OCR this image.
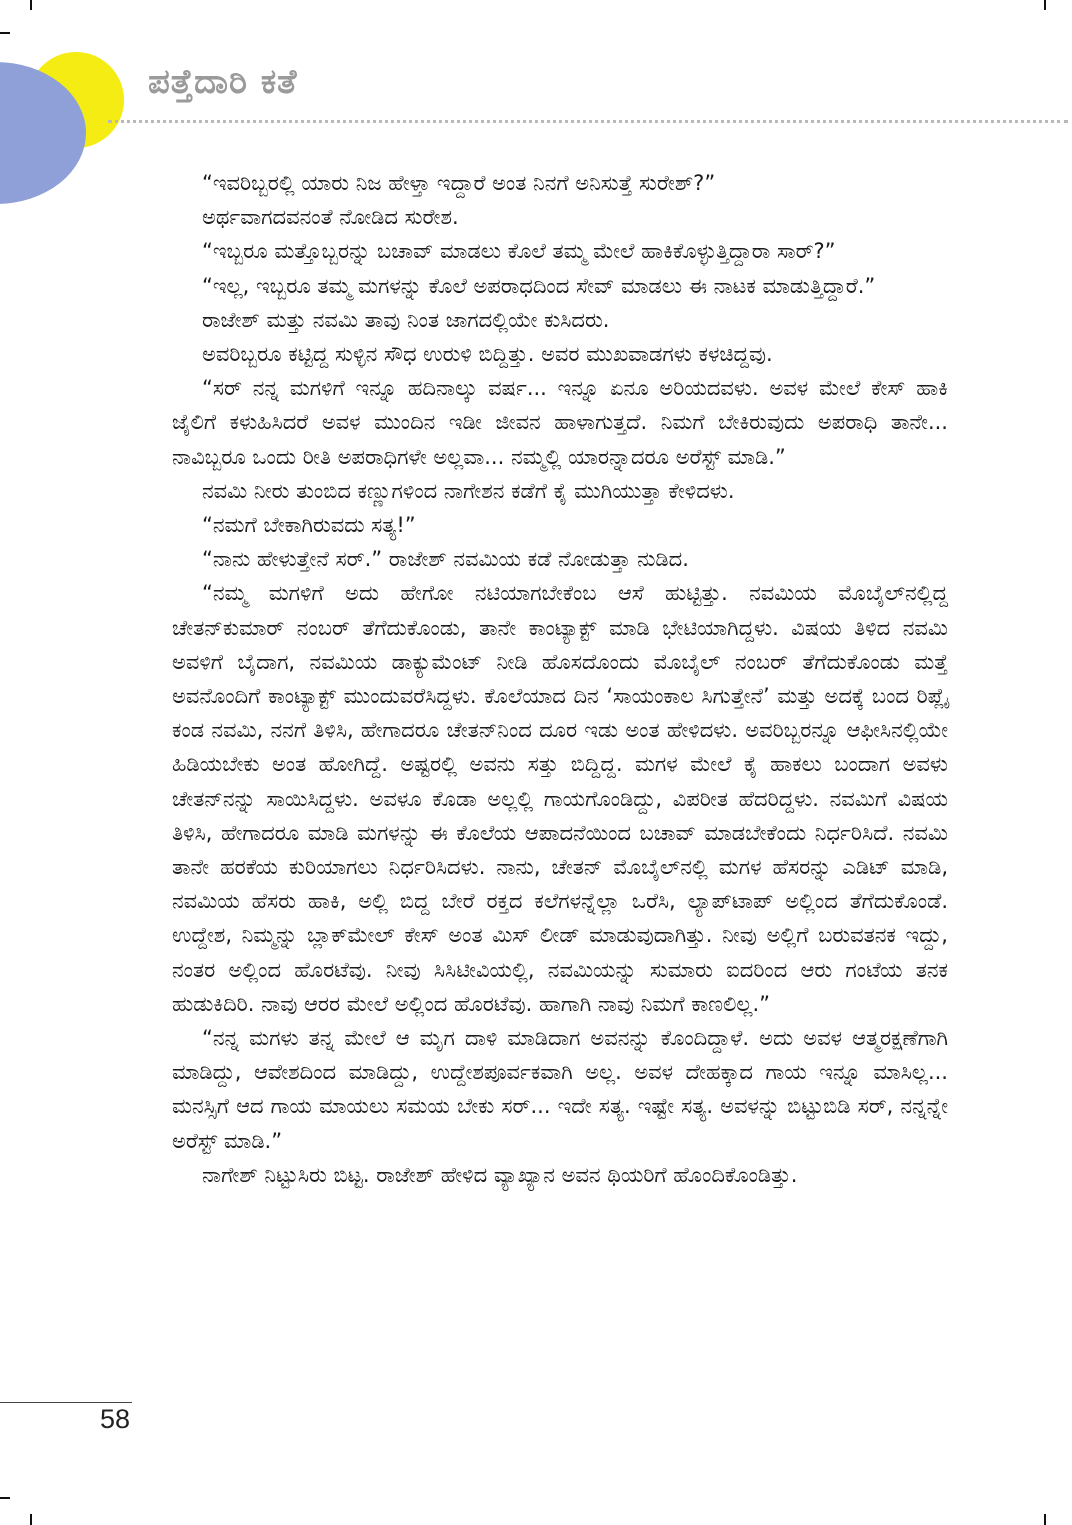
ಪತ್ತೆದಾರಿ ಕತೆ

“ಇವರಿಬ್ಬರಲ್ಲಿ ಯಾರು ನಿಜ ಹೇಳ್ತಾ ಇದ್ದಾರೆ ಅಂತ ನಿನಗೆ ಅನಿಸುತ್ತೆ ಸುರೇಶ್?”

ಅರ್ಥವಾಗದವನಂತೆ ನೋಡಿದ ಸುರೇಶ.

“ಇಬ್ಬರೂ ಮತ್ತೊಬ್ಬರನ್ನು ಬಚಾವ್ ಮಾಡಲು ಕೊಲೆ ತಮ್ಮ ಮೇಲೆ ಹಾಕಿಕೊಳ್ಳುತ್ತಿದ್ದಾರಾ ಸಾರ್?”

“ಇಲ್ಲ, ಇಬ್ಬರೂ ತಮ್ಮ ಮಗಳನ್ನು ಕೊಲೆ ಅಪರಾಧದಿಂದ ಸೇವ್ ಮಾಡಲು ಈ ನಾಟಕ ಮಾಡುತ್ತಿದ್ದಾರೆ.”

ರಾಜೇಶ್ ಮತ್ತು ನವಮಿ ತಾವು ನಿಂತ ಜಾಗದಲ್ಲಿಯೇ ಕುಸಿದರು.

ಅವರಿಬ್ಬರೂ ಕಟ್ಟಿದ್ದ ಸುಳ್ಳಿನ ಸೌಧ ಉರುಳಿ ಬಿದ್ದಿತ್ತು. ಅವರ ಮುಖವಾಡಗಳು ಕಳಚಿದ್ದವು.

“ಸರ್ ನನ್ನ ಮಗಳಿಗೆ ಇನ್ನೂ ಹದಿನಾಲ್ಕು ವರ್ಷ... ಇನ್ನೂ ಏನೂ ಅರಿಯದವಳು. ಅವಳ ಮೇಲೆ ಕೇಸ್ ಹಾಕಿ ಜೈಲಿಗೆ ಕಳುಹಿಸಿದರೆ ಅವಳ ಮುಂದಿನ ಇಡೀ ಜೀವನ ಹಾಳಾಗುತ್ತದೆ. ನಿಮಗೆ ಬೇಕಿರುವುದು ಅಪರಾಧಿ ತಾನೇ... ನಾವಿಬ್ಬರೂ ಒಂದು ರೀತಿ ಅಪರಾಧಿಗಳೇ ಅಲ್ಲವಾ... ನಮ್ಮಲ್ಲಿ ಯಾರನ್ನಾದರೂ ಅರೆಸ್ಟ್ ಮಾಡಿ.”

ನವಮಿ ನೀರು ತುಂಬಿದ ಕಣ್ಣುಗಳಿಂದ ನಾಗೇಶನ ಕಡೆಗೆ ಕೈ ಮುಗಿಯುತ್ತಾ ಕೇಳಿದಳು.

“ನಮಗೆ ಬೇಕಾಗಿರುವದು ಸತ್ಯ!”

“ನಾನು ಹೇಳುತ್ತೇನೆ ಸರ್.” ರಾಜೇಶ್ ನವಮಿಯ ಕಡೆ ನೋಡುತ್ತಾ ನುಡಿದ.

“ನಮ್ಮ ಮಗಳಿಗೆ ಅದು ಹೇಗೋ ನಟಿಯಾಗಬೇಕೆಂಬ ಆಸೆ ಹುಟ್ಟಿತ್ತು. ನವಮಿಯ ಮೊಬೈಲ್‌ನಲ್ಲಿದ್ದ ಚೇತನ್‌ಕುಮಾರ್ ನಂಬರ್ ತೆಗೆದುಕೊಂಡು, ತಾನೇ ಕಾಂಟ್ಯಾಕ್ಟ್ ಮಾಡಿ ಭೇಟಿಯಾಗಿದ್ದಳು. ವಿಷಯ ತಿಳಿದ ನವಮಿ ಅವಳಿಗೆ ಬೈದಾಗ, ನವಮಿಯ ಡಾಕ್ಯುಮೆಂಟ್ ನೀಡಿ ಹೊಸದೊಂದು ಮೊಬೈಲ್ ನಂಬರ್ ತೆಗೆದುಕೊಂಡು ಮತ್ತೆ ಅವನೊಂದಿಗೆ ಕಾಂಟ್ಯಾಕ್ಟ್ ಮುಂದುವರೆಸಿದ್ದಳು. ಕೊಲೆಯಾದ ದಿನ ‘ಸಾಯಂಕಾಲ ಸಿಗುತ್ತೇನೆ’ ಮತ್ತು ಅದಕ್ಕೆ ಬಂದ ರಿಪ್ಲೈ ಕಂಡ ನವಮಿ, ನನಗೆ ತಿಳಿಸಿ, ಹೇಗಾದರೂ ಚೇತನ್‌ನಿಂದ ದೂರ ಇಡು ಅಂತ ಹೇಳಿದಳು. ಅವರಿಬ್ಬರನ್ನೂ ಆಫೀಸಿನಲ್ಲಿಯೇ ಹಿಡಿಯಬೇಕು ಅಂತ ಹೋಗಿದ್ದೆ. ಅಷ್ಟರಲ್ಲಿ ಅವನು ಸತ್ತು ಬಿದ್ದಿದ್ದ. ಮಗಳ ಮೇಲೆ ಕೈ ಹಾಕಲು ಬಂದಾಗ ಅವಳು ಚೇತನ್‌ನನ್ನು ಸಾಯಿಸಿದ್ದಳು. ಅವಳೂ ಕೊಡಾ ಅಲ್ಲಲ್ಲಿ ಗಾಯಗೊಂಡಿದ್ದು, ವಿಪರೀತ ಹೆದರಿದ್ದಳು. ನವಮಿಗೆ ವಿಷಯ ತಿಳಿಸಿ, ಹೇಗಾದರೂ ಮಾಡಿ ಮಗಳನ್ನು ಈ ಕೊಲೆಯ ಆಪಾದನೆಯಿಂದ ಬಚಾವ್ ಮಾಡಬೇಕೆಂದು ನಿರ್ಧರಿಸಿದೆ. ನವಮಿ ತಾನೇ ಹರಕೆಯ ಕುರಿಯಾಗಲು ನಿರ್ಧರಿಸಿದಳು. ನಾನು, ಚೇತನ್ ಮೊಬೈಲ್‌ನಲ್ಲಿ ಮಗಳ ಹೆಸರನ್ನು ಎಡಿಟ್ ಮಾಡಿ, ನವಮಿಯ ಹೆಸರು ಹಾಕಿ, ಅಲ್ಲಿ ಬಿದ್ದ ಬೇರೆ ರಕ್ತದ ಕಲೆಗಳನ್ನೆಲ್ಲಾ ಒರೆಸಿ, ಲ್ಯಾಪ್‌ಟಾಪ್ ಅಲ್ಲಿಂದ ತೆಗೆದುಕೊಂಡೆ. ಉದ್ದೇಶ, ನಿಮ್ಮನ್ನು ಬ್ಲಾಕ್‌ಮೇಲ್ ಕೇಸ್ ಅಂತ ಮಿಸ್ ಲೀಡ್ ಮಾಡುವುದಾಗಿತ್ತು. ನೀವು ಅಲ್ಲಿಗೆ ಬರುವತನಕ ಇದ್ದು, ನಂತರ ಅಲ್ಲಿಂದ ಹೊರಟೆವು. ನೀವು ಸಿಸಿಟೀವಿಯಲ್ಲಿ, ನವಮಿಯನ್ನು ಸುಮಾರು ಐದರಿಂದ ಆರು ಗಂಟೆಯ ತನಕ ಹುಡುಕಿದಿರಿ. ನಾವು ಆರರ ಮೇಲೆ ಅಲ್ಲಿಂದ ಹೊರಟೆವು. ಹಾಗಾಗಿ ನಾವು ನಿಮಗೆ ಕಾಣಲಿಲ್ಲ.”

“ನನ್ನ ಮಗಳು ತನ್ನ ಮೇಲೆ ಆ ಮೃಗ ದಾಳಿ ಮಾಡಿದಾಗ ಅವನನ್ನು ಕೊಂದಿದ್ದಾಳೆ. ಅದು ಅವಳ ಆತ್ಮರಕ್ಷಣೆಗಾಗಿ ಮಾಡಿದ್ದು, ಆವೇಶದಿಂದ ಮಾಡಿದ್ದು, ಉದ್ದೇಶಪೂರ್ವಕವಾಗಿ ಅಲ್ಲ. ಅವಳ ದೇಹಕ್ಕಾದ ಗಾಯ ಇನ್ನೂ ಮಾಸಿಲ್ಲ... ಮನಸ್ಸಿಗೆ ಆದ ಗಾಯ ಮಾಯಲು ಸಮಯ ಬೇಕು ಸರ್... ಇದೇ ಸತ್ಯ. ಇಷ್ಟೇ ಸತ್ಯ. ಅವಳನ್ನು ಬಿಟ್ಟುಬಿಡಿ ಸರ್, ನನ್ನನ್ನೇ ಅರೆಸ್ಟ್ ಮಾಡಿ.”

ನಾಗೇಶ್ ನಿಟ್ಟುಸಿರು ಬಿಟ್ಟ. ರಾಜೇಶ್ ಹೇಳಿದ ವ್ಯಾಖ್ಯಾನ ಅವನ ಥಿಯರಿಗೆ ಹೊಂದಿಕೊಂಡಿತ್ತು.

58
